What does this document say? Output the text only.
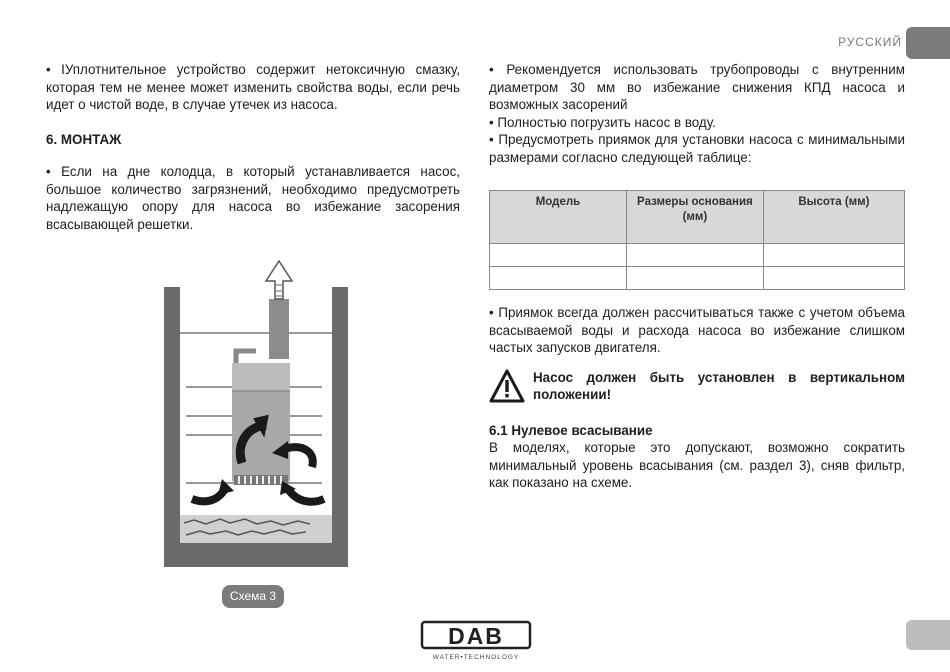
РУССКИЙ

• IУплотнительное устройство содержит нетоксичную смазку, которая тем не менее может изменить свойства воды, если речь идет о чистой воде, в случае утечек из насоса.

6. МОНТАЖ

• Если на дне колодца, в который устанавливается насос, большое количество загрязнений, необходимо предусмотреть надлежащую опору для насоса во избежание засорения всасывающей решетки.

Схема 3

• Рекомендуется использовать трубопроводы с внутренним диаметром 30 мм во избежание снижения КПД насоса и возможных засорений

• Полностью погрузить насос в воду.

• Предусмотреть приямок для установки насоса с минимальными размерами согласно следующей таблице:

Модель	Размеры основания (мм)	Высота (мм)

• Приямок всегда должен рассчитываться также с учетом объема всасываемой воды и расхода насоса во избежание слишком частых запусков двигателя.

Насос должен быть установлен в вертикальном положении!

6.1 Нулевое всасывание

В моделях, которые это допускают, возможно сократить минимальный уровень всасывания (см. раздел 3), сняв фильтр, как показано на схеме.

DAB
WATER•TECHNOLOGY
